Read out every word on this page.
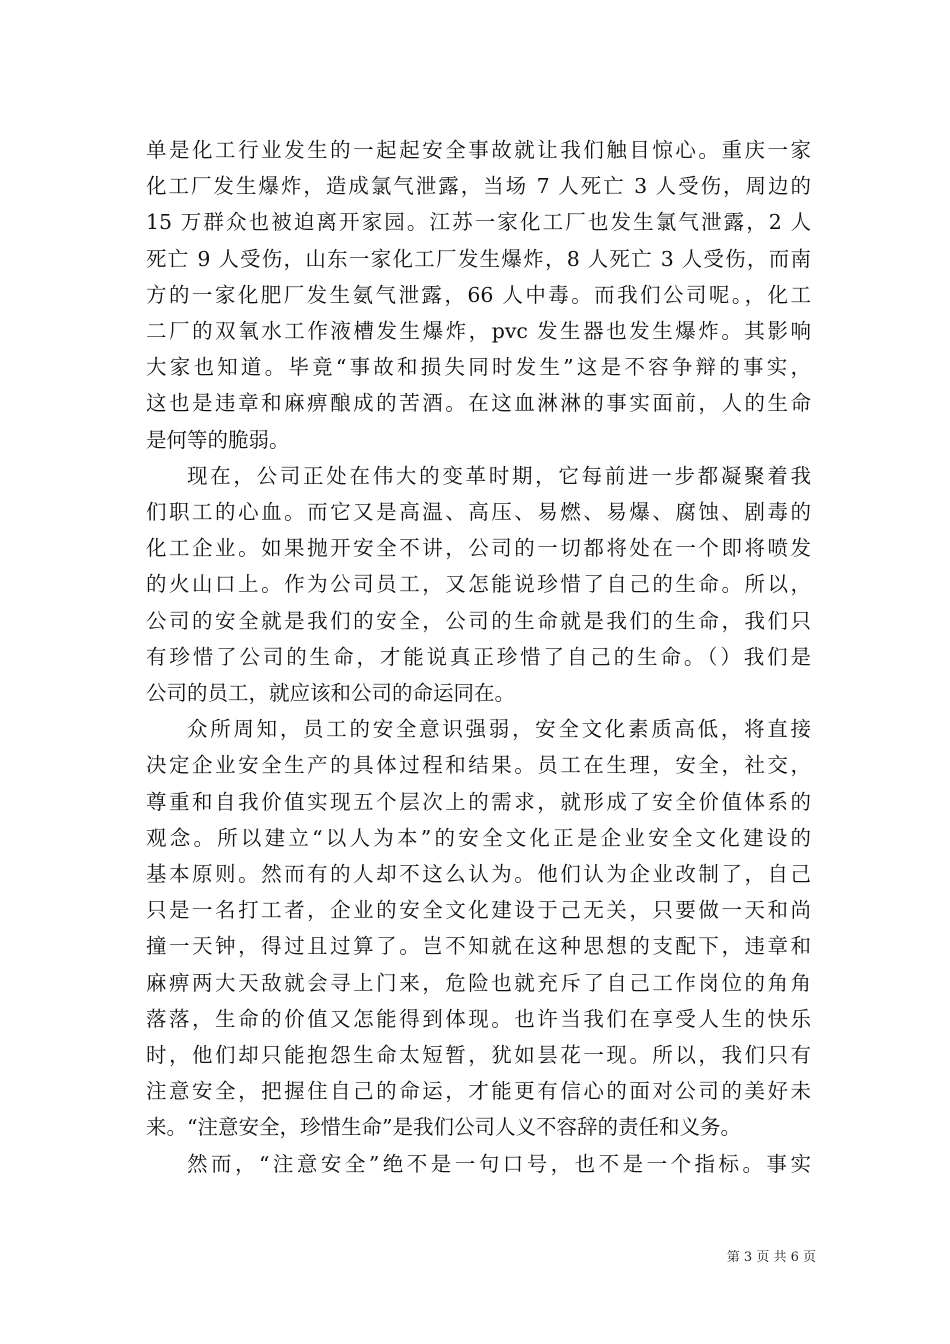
单是化工行业发生的一起起安全事故就让我们触目惊心。重庆一家
化工厂发生爆炸，造成氯气泄露，当场 7 人死亡 3 人受伤，周边的
15 万群众也被迫离开家园。江苏一家化工厂也发生氯气泄露，2 人
死亡 9 人受伤，山东一家化工厂发生爆炸，8 人死亡 3 人受伤，而南
方的一家化肥厂发生氨气泄露，66 人中毒。而我们公司呢。，化工
二厂的双氧水工作液槽发生爆炸，pvc 发生器也发生爆炸。其影响
大家也知道。毕竟“事故和损失同时发生”这是不容争辩的事实，
这也是违章和麻痹酿成的苦酒。在这血淋淋的事实面前，人的生命
是何等的脆弱。
现在，公司正处在伟大的变革时期，它每前进一步都凝聚着我
们职工的心血。而它又是高温、高压、易燃、易爆、腐蚀、剧毒的
化工企业。如果抛开安全不讲，公司的一切都将处在一个即将喷发
的火山口上。作为公司员工，又怎能说珍惜了自己的生命。所以，
公司的安全就是我们的安全，公司的生命就是我们的生命，我们只
有珍惜了公司的生命，才能说真正珍惜了自己的生命。（）我们是
公司的员工，就应该和公司的命运同在。
众所周知，员工的安全意识强弱，安全文化素质高低，将直接
决定企业安全生产的具体过程和结果。员工在生理，安全，社交，
尊重和自我价值实现五个层次上的需求，就形成了安全价值体系的
观念。所以建立“以人为本”的安全文化正是企业安全文化建设的
基本原则。然而有的人却不这么认为。他们认为企业改制了，自己
只是一名打工者，企业的安全文化建设于己无关，只要做一天和尚
撞一天钟，得过且过算了。岂不知就在这种思想的支配下，违章和
麻痹两大天敌就会寻上门来，危险也就充斥了自己工作岗位的角角
落落，生命的价值又怎能得到体现。也许当我们在享受人生的快乐
时，他们却只能抱怨生命太短暂，犹如昙花一现。所以，我们只有
注意安全，把握住自己的命运，才能更有信心的面对公司的美好未
来。“注意安全，珍惜生命”是我们公司人义不容辞的责任和义务。
然而，“注意安全”绝不是一句口号，也不是一个指标。事实
第 3 页 共 6 页
